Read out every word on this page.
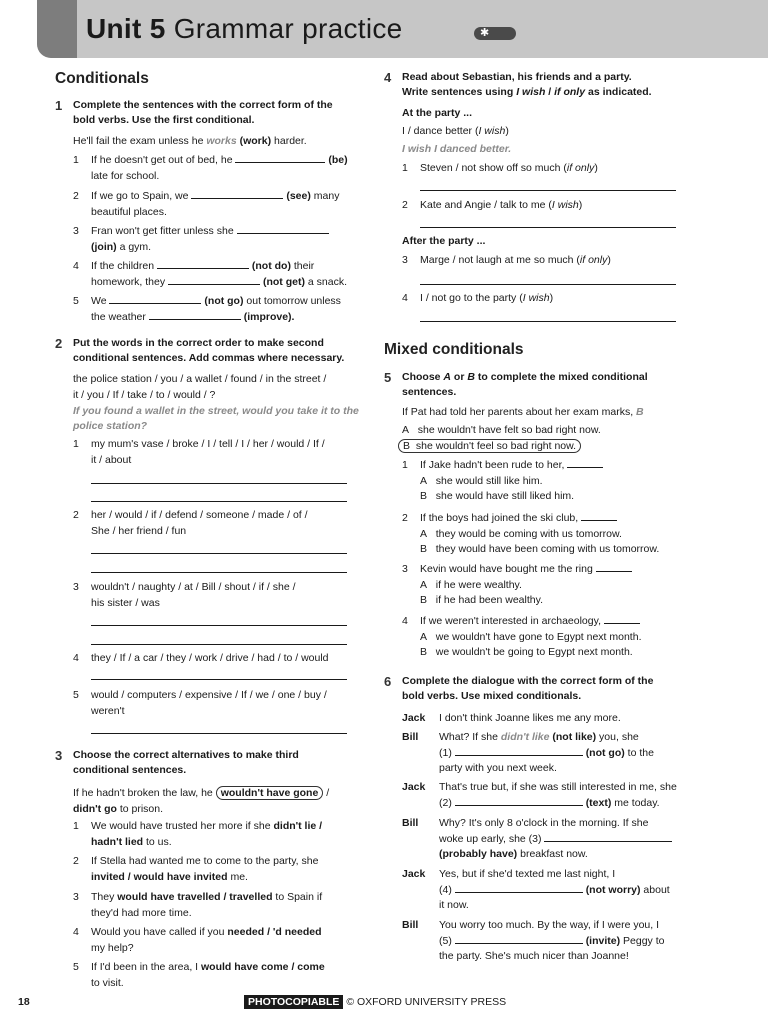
Unit 5 Grammar practice	✱
Conditionals
1 Complete the sentences with the correct form of the
bold verbs. Use the first conditional.
He'll fail the exam unless he works (work) harder.
1	If he doesn't get out of bed, he	(be)
late for school.
2	If we go to Spain, we	(see) many
beautiful places.
3	Fran won't get fitter unless she
(join) a gym.
4	If the children	(not do) their
homework, they	(not get) a snack.
5	We	(not go) out tomorrow unless
the weather	(improve).
2 Put the words in the correct order to make second
conditional sentences. Add commas where necessary.
the police station / you / a wallet / found / in the street /
it / you / If / take / to / would / ?
If you found a wallet in the street, would you take it to the
police station?
1	my mum's vase / broke / I / tell / I / her / would / If /
it / about
2	her / would / if / defend / someone / made / of /
She / her friend / fun
3	wouldn't / naughty / at / Bill / shout / if / she /
his sister / was
4	they / If / a car / they / work / drive / had / to / would
5	would / computers / expensive / If / we / one / buy /
weren't
3 Choose the correct alternatives to make third
conditional sentences.
If he hadn't broken the law, he wouldn't have gone /
didn't go to prison.
1	We would have trusted her more if she didn't lie /
hadn't lied to us.
2	If Stella had wanted me to come to the party, she
invited / would have invited me.
3	They would have travelled / travelled to Spain if
they'd had more time.
4	Would you have called if you needed / 'd needed
my help?
5	If I'd been in the area, I would have come / come
to visit.
4 Read about Sebastian, his friends and a party.
Write sentences using I wish / if only as indicated.
At the party ...
I / dance better (I wish)
I wish I danced better.
1	Steven / not show off so much (if only)
2	Kate and Angie / talk to me (I wish)
After the party ...
3	Marge / not laugh at me so much (if only)
4	I / not go to the party (I wish)
Mixed conditionals
5 Choose A or B to complete the mixed conditional
sentences.
If Pat had told her parents about her exam marks, B
A she wouldn't have felt so bad right now.
B she wouldn't feel so bad right now.
1	If Jake hadn't been rude to her,
A   she would still like him.
B   she would have still liked him.
2	If the boys had joined the ski club,
A   they would be coming with us tomorrow.
B   they would have been coming with us tomorrow.
3	Kevin would have bought me the ring
A   if he were wealthy.
B   if he had been wealthy.
4	If we weren't interested in archaeology,
A   we wouldn't have gone to Egypt next month.
B   we wouldn't be going to Egypt next month.
6 Complete the dialogue with the correct form of the
bold verbs. Use mixed conditionals.
Jack	I don't think Joanne likes me any more.
Bill	What? If she didn't like (not like) you, she
(1)	(not go) to the
party with you next week.
Jack	That's true but, if she was still interested in me, she
(2)	(text) me today.
Bill	Why? It's only 8 o'clock in the morning. If she
woke up early, she (3)
(probably have) breakfast now.
Jack	Yes, but if she'd texted me last night, I
(4)	(not worry) about
it now.
Bill	You worry too much. By the way, if I were you, I
(5)	(invite) Peggy to
the party. She's much nicer than Joanne!
18	PHOTOCOPIABLE © OXFORD UNIVERSITY PRESS
